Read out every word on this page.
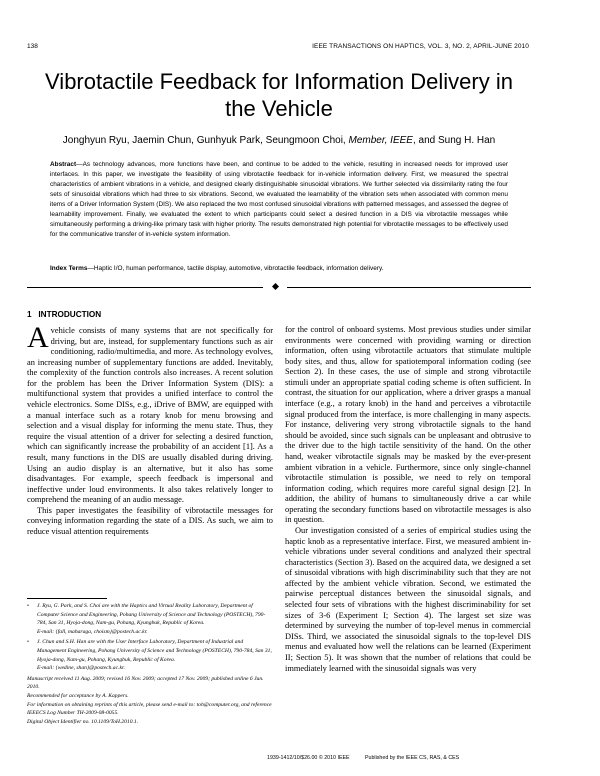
138	IEEE TRANSACTIONS ON HAPTICS, VOL. 3, NO. 2, APRIL-JUNE 2010
Vibrotactile Feedback for Information Delivery in the Vehicle
Jonghyun Ryu, Jaemin Chun, Gunhyuk Park, Seungmoon Choi, Member, IEEE, and Sung H. Han

Abstract—As technology advances, more functions have been, and continue to be added to the vehicle, resulting in increased needs for improved user interfaces. In this paper, we investigate the feasibility of using vibrotactile feedback for in-vehicle information delivery. First, we measured the spectral characteristics of ambient vibrations in a vehicle, and designed clearly distinguishable sinusoidal vibrations. We further selected via dissimilarity rating the four sets of sinusoidal vibrations which had three to six vibrations. Second, we evaluated the learnability of the vibration sets when associated with common menu items of a Driver Information System (DIS). We also replaced the two most confused sinusoidal vibrations with patterned messages, and assessed the degree of learnability improvement. Finally, we evaluated the extent to which participants could select a desired function in a DIS via vibrotactile messages while simultaneously performing a driving-like primary task with higher priority. The results demonstrated high potential for vibrotactile messages to be effectively used for the communicative transfer of in-vehicle system information.

Index Terms—Haptic I/O, human performance, tactile display, automotive, vibrotactile feedback, information delivery.

1 INTRODUCTION

Avehicle consists of many systems that are not specifically for driving, but are, instead, for supplementary functions such as air conditioning, radio/multimedia, and more. As technology evolves, an increasing number of supplementary functions are added. Inevitably, the complexity of the function controls also increases. A recent solution for the problem has been the Driver Information System (DIS): a multifunctional system that provides a unified interface to control the vehicle electronics. Some DISs, e.g., iDrive of BMW, are equipped with a manual interface such as a rotary knob for menu browsing and selection and a visual display for informing the menu state. Thus, they require the visual attention of a driver for selecting a desired function, which can significantly increase the probability of an accident [1]. As a result, many functions in the DIS are usually disabled during driving. Using an audio display is an alternative, but it also has some disadvantages. For example, speech feedback is impersonal and ineffective under loud environments. It also takes relatively longer to comprehend the meaning of an audio message.

This paper investigates the feasibility of vibrotactile messages for conveying information regarding the state of a DIS. As such, we aim to reduce visual attention requirements

for the control of onboard systems. Most previous studies under similar environments were concerned with providing warning or direction information, often using vibrotactile actuators that stimulate multiple body sites, and thus, allow for spatiotemporal information coding (see Section 2). In these cases, the use of simple and strong vibrotactile stimuli under an appropriate spatial coding scheme is often sufficient. In contrast, the situation for our application, where a driver grasps a manual interface (e.g., a rotary knob) in the hand and perceives a vibrotactile signal produced from the interface, is more challenging in many aspects. For instance, delivering very strong vibrotactile signals to the hand should be avoided, since such signals can be unpleasant and obtrusive to the driver due to the high tactile sensitivity of the hand. On the other hand, weaker vibrotactile signals may be masked by the ever-present ambient vibration in a vehicle. Furthermore, since only single-channel vibrotactile stimulation is possible, we need to rely on temporal information coding, which requires more careful signal design [2]. In addition, the ability of humans to simultaneously drive a car while operating the secondary functions based on vibrotactile messages is also in question.

Our investigation consisted of a series of empirical studies using the haptic knob as a representative interface. First, we measured ambient in-vehicle vibrations under several conditions and analyzed their spectral characteristics (Section 3). Based on the acquired data, we designed a set of sinusoidal vibrations with high discriminability such that they are not affected by the ambient vehicle vibration. Second, we estimated the pairwise perceptual distances between the sinusoidal signals, and selected four sets of vibrations with the highest discriminability for set sizes of 3-6 (Experiment I; Section 4). The largest set size was determined by surveying the number of top-level menus in commercial DISs. Third, we associated the sinusoidal signals to the top-level DIS menus and evaluated how well the relations can be learned (Experiment II; Section 5). It was shown that the number of relations that could be immediately learned with the sinusoidal signals was very

• J. Ryu, G. Park, and S. Choi are with the Haptics and Virtual Reality Laboratory, Department of Computer Science and Engineering, Pohang University of Science and Technology (POSTECH), 790-784, San 31, Hyoja-dong, Nam-gu, Pohang, Kyungbuk, Republic of Korea.
E-mail: {fall, maharaga, choism}@postech.ac.kr.
• J. Chun and S.H. Han are with the User Interface Laboratory, Department of Industrial and Management Engineering, Pohang University of Science and Technology (POSTECH), 790-784, San 31, Hyoja-dong, Nam-gu, Pohang, Kyungbuk, Republic of Korea.
E-mail: {wedine, shan}@postech.ac.kr.

Manuscript received 11 Aug. 2009; revised 16 Nov. 2009; accepted 17 Nov. 2009; published online 6 Jun. 2010.

Recommended for acceptance by A. Kappers.

For information on obtaining reprints of this article, please send e-mail to: toh@computer.org, and reference IEEECS Log Number TH-2009-08-0055.

Digital Object Identifier no. 10.1109/ToH.2010.1.

1939-1412/10/$26.00 © 2010 IEEE	Published by the IEEE CS, RAS, & CES
